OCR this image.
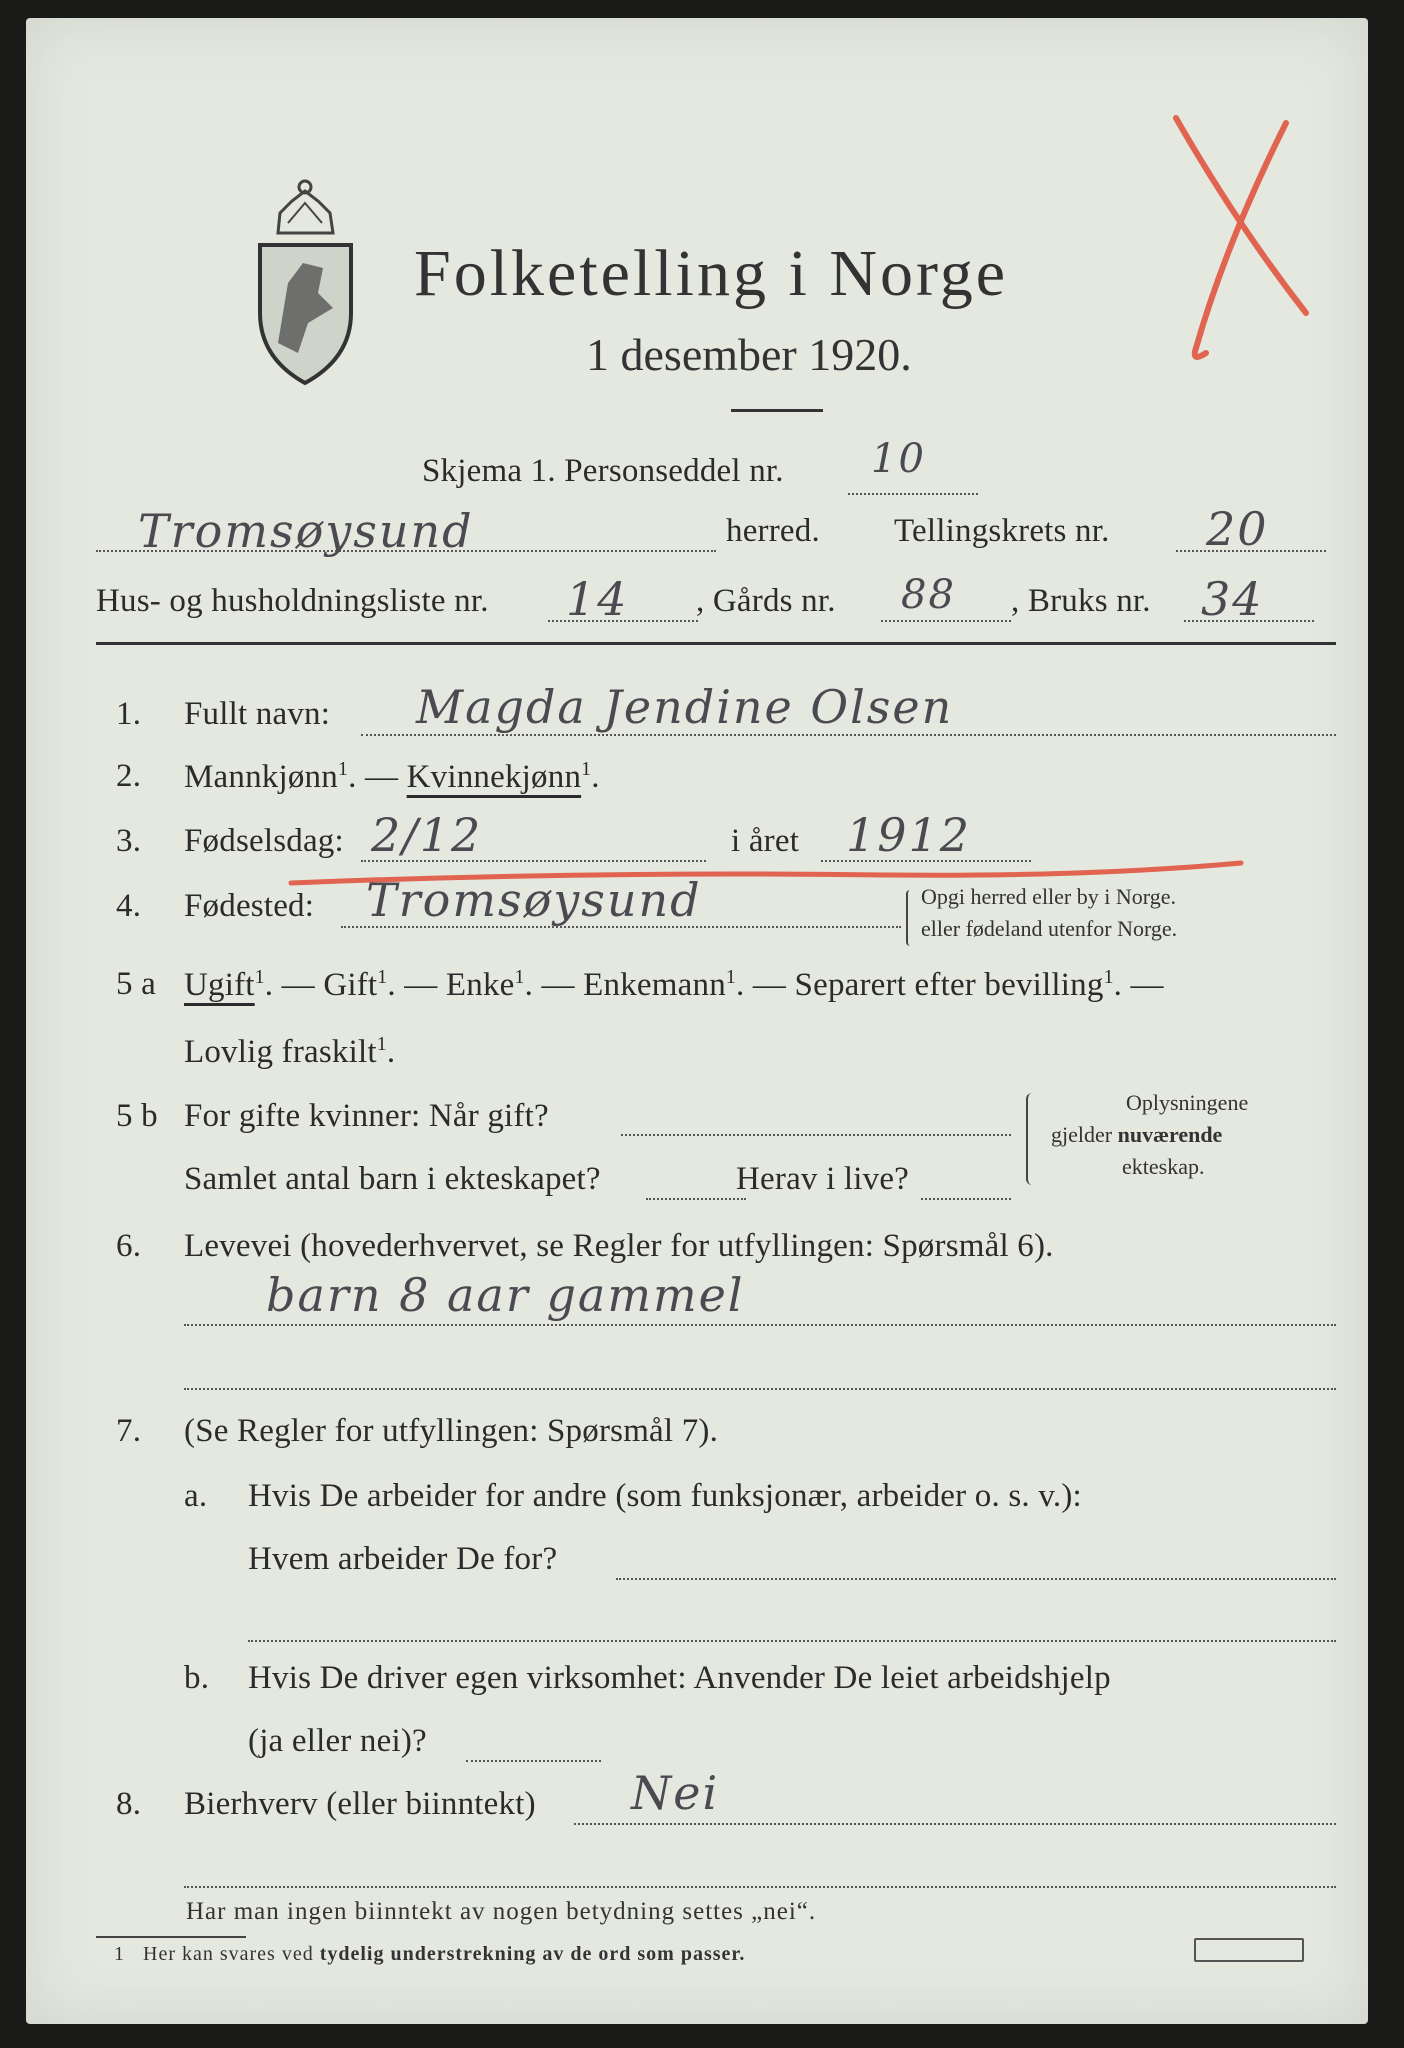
Folketelling i Norge
1 desember 1920.
Skjema 1. Personseddel nr. 10
Tromsøysund	herred. Tellingskrets nr. 20
Hus- og husholdningsliste nr. 14 , Gårds nr. 88 , Bruks nr. 34
1. Fullt navn: Magda Jendine Olsen
2. Mannkjønn$^1$. — Kvinnekjønn$^1$.
3. Fødselsdag: 2/12	i året 1912
4. Fødested: Tromsøysund	Opgi herred eller by i Norge.
eller fødeland utenfor Norge.
5 a Ugift$^1$. — Gift$^1$. — Enke$^1$. — Enkemann$^1$. — Separert efter bevilling$^1$. —
Lovlig fraskilt$^1$.
5 b For gifte kvinner: Når gift?
Samlet antal barn i ekteskapet?	Herav i live?
Oplysningene
gjelder nuværende
ekteskap.
6. Levevei (hovederhvervet, se Regler for utfyllingen: Spørsmål 6).
barn 8 aar gammel
7. (Se Regler for utfyllingen: Spørsmål 7).
a. Hvis De arbeider for andre (som funksjonær, arbeider o. s. v.):
Hvem arbeider De for?
b. Hvis De driver egen virksomhet: Anvender De leiet arbeidshjelp
(ja eller nei)?
8. Bierhverv (eller biinntekt) Nei
Har man ingen biinntekt av nogen betydning settes „nei“.
1 Her kan svares ved tydelig understrekning av de ord som passer.
